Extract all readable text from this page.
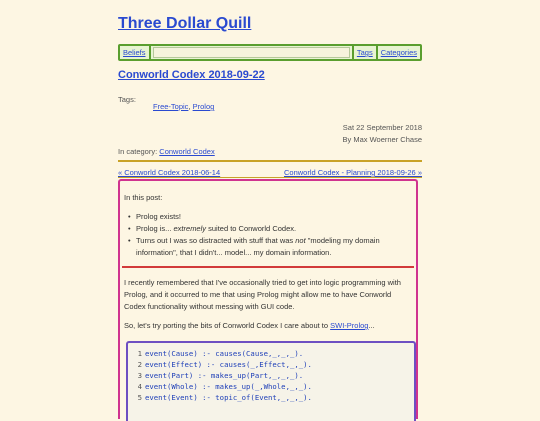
Three Dollar Quill
Beliefs	Tags	Categories
Conworld Codex 2018-09-22
Tags:
Free-Topic, Prolog
Sat 22 September 2018
By Max Woerner Chase
In category: Conworld Codex
« Conworld Codex 2018-06-14	Conworld Codex - Planning 2018-09-26 »

In this post:

• Prolog exists!
• Prolog is... extremely suited to Conworld Codex.
• Turns out I was so distracted with stuff that was not "modeling my domain information", that I didn't... model... my domain information.

I recently remembered that I've occasionally tried to get into logic programming with Prolog, and it occurred to me that using Prolog might allow me to have Conworld Codex functionality without messing with GUI code.

So, let's try porting the bits of Conworld Codex I care about to SWI-Prolog...

1 event(Cause) :- causes(Cause,_,_,_).
2 event(Effect) :- causes(_,Effect,_,_).
3 event(Part) :- makes_up(Part,_,_,_).
4 event(Whole) :- makes_up(_,Whole,_,_).
5 event(Event) :- topic_of(Event,_,_,_).
